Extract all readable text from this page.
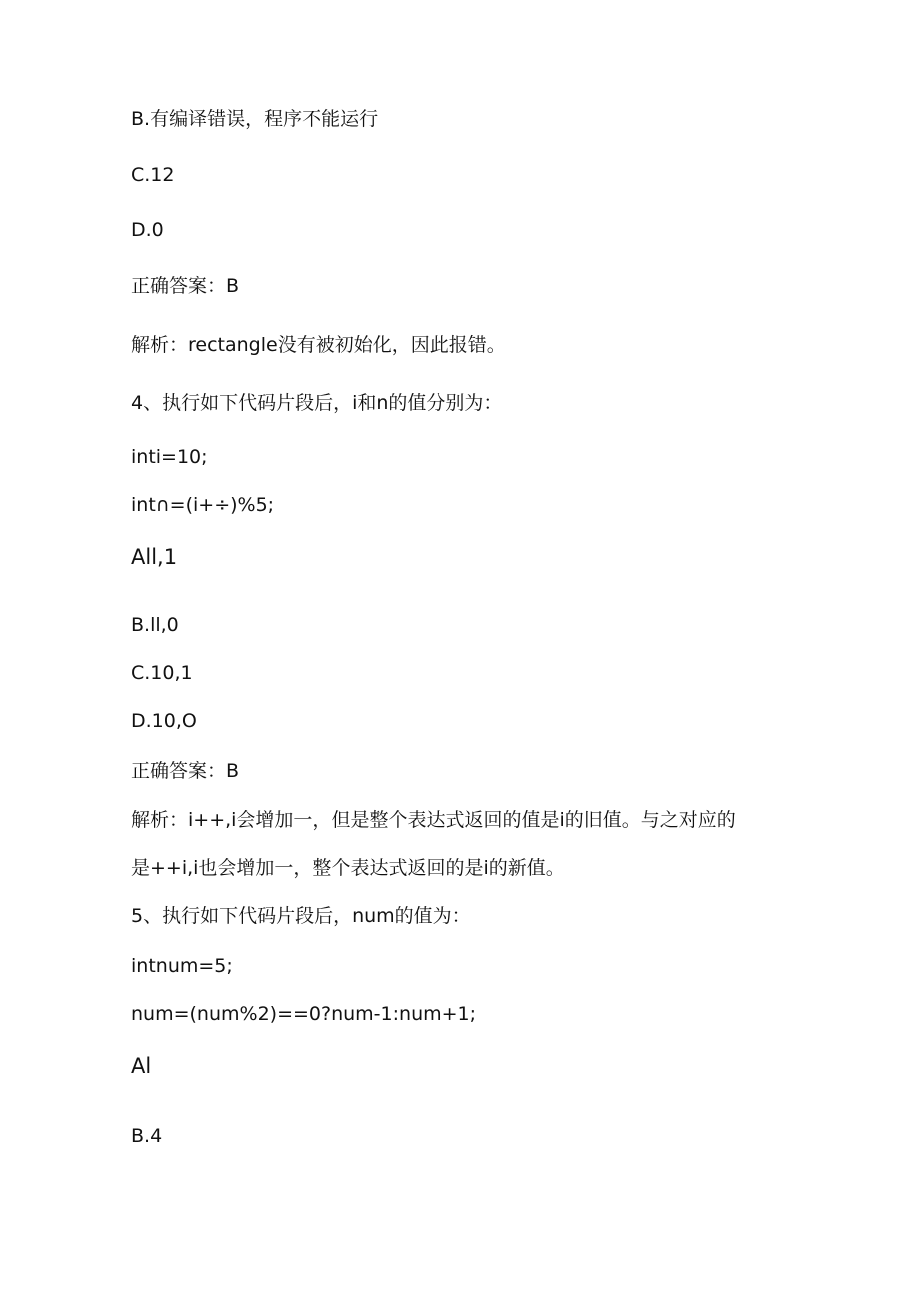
B.有编译错误，程序不能运行

C.12

D.0

正确答案：B

解析：rectangle没有被初始化，因此报错。

4、执行如下代码片段后，i和n的值分别为：

inti=10;

int∩=(i+÷)%5;

All,1

B.ll,0

C.10,1

D.10,O

正确答案：B

解析：i++,i会增加一，但是整个表达式返回的值是i的旧值。与之对应的

是++i,i也会增加一，整个表达式返回的是i的新值。

5、执行如下代码片段后，num的值为：

intnum=5;

num=(num%2)==0?num-1:num+1;

Al

B.4
